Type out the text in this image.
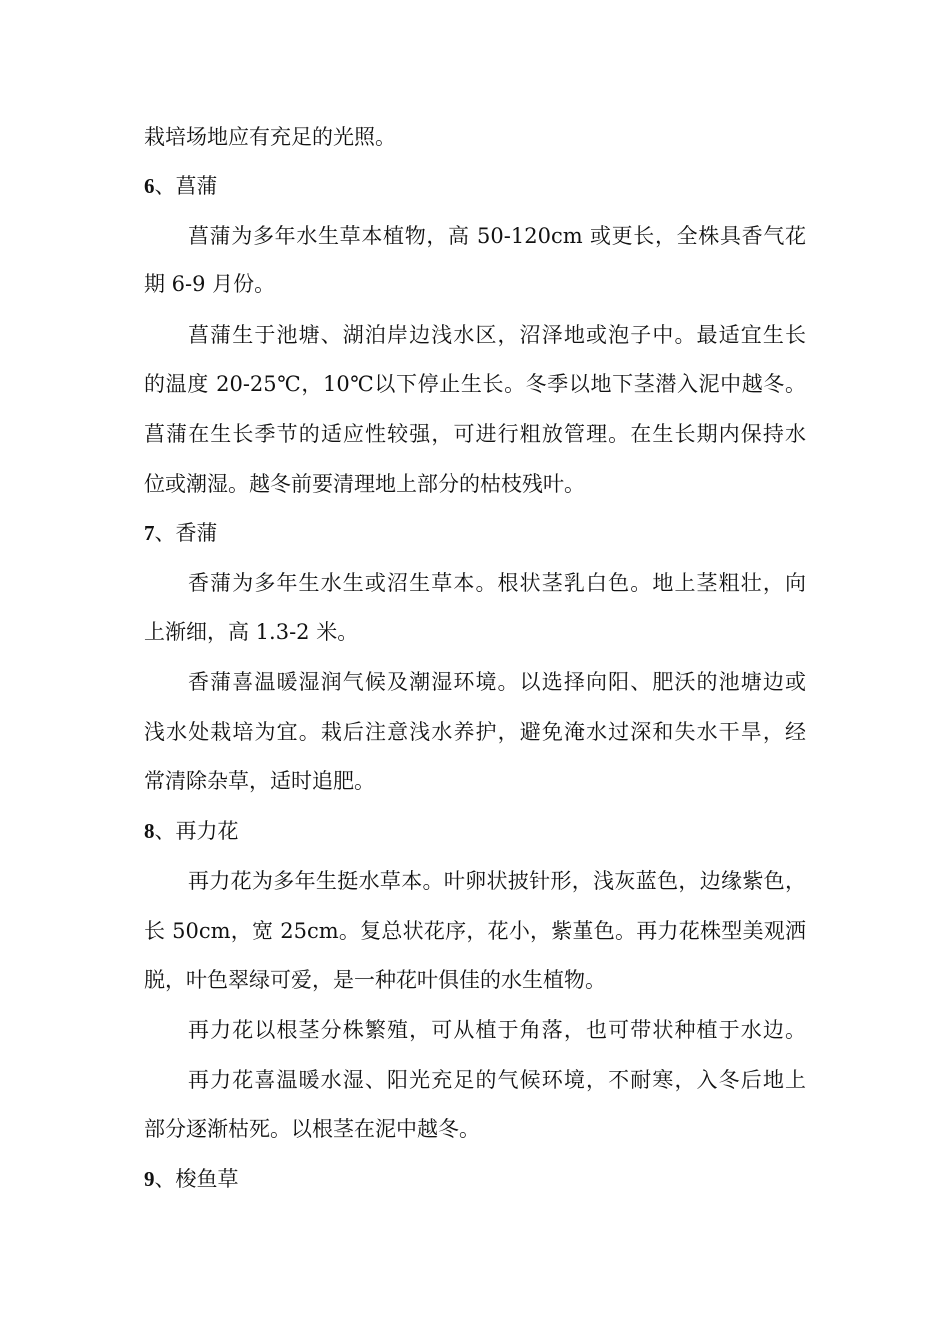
栽培场地应有充足的光照。
6、菖蒲
菖蒲为多年水生草本植物，高 50-120cm 或更长，全株具香气花
期 6-9 月份。
菖蒲生于池塘、湖泊岸边浅水区，沼泽地或泡子中。最适宜生长
的温度 20-25℃，10℃以下停止生长。冬季以地下茎潜入泥中越冬。
菖蒲在生长季节的适应性较强，可进行粗放管理。在生长期内保持水
位或潮湿。越冬前要清理地上部分的枯枝残叶。
7、香蒲
香蒲为多年生水生或沼生草本。根状茎乳白色。地上茎粗壮，向
上渐细，高 1.3-2 米。
香蒲喜温暖湿润气候及潮湿环境。以选择向阳、肥沃的池塘边或
浅水处栽培为宜。栽后注意浅水养护，避免淹水过深和失水干旱，经
常清除杂草，适时追肥。
8、再力花
再力花为多年生挺水草本。叶卵状披针形，浅灰蓝色，边缘紫色，
长 50cm，宽 25cm。复总状花序，花小，紫堇色。再力花株型美观洒
脱，叶色翠绿可爱，是一种花叶俱佳的水生植物。
再力花以根茎分株繁殖，可从植于角落，也可带状种植于水边。
再力花喜温暖水湿、阳光充足的气候环境，不耐寒，入冬后地上
部分逐渐枯死。以根茎在泥中越冬。
9、梭鱼草
